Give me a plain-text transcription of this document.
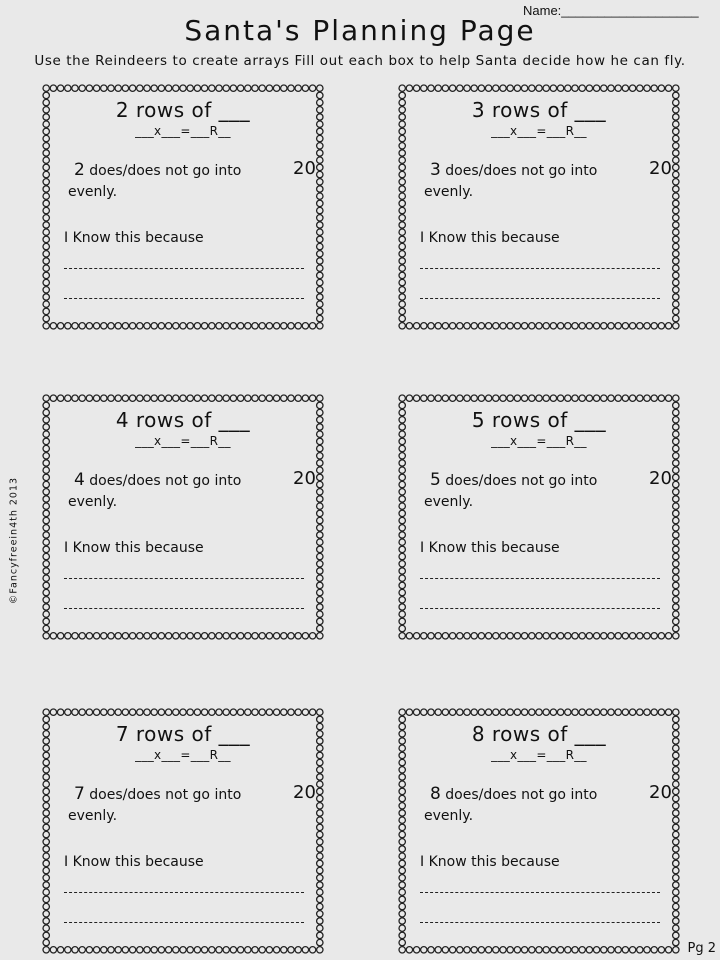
Name:___________________
Santa's Planning Page
Use the Reindeers to create arrays Fill out each box to help Santa decide how he can fly.
©Fancyfreein4th 2013
2 rows of ___
___x___=___R__
2 does/does not go into	20
evenly.
I Know this because
3 rows of ___
___x___=___R__
3 does/does not go into	20
evenly.
I Know this because
4 rows of ___
___x___=___R__
4 does/does not go into	20
evenly.
I Know this because
5 rows of ___
___x___=___R__
5 does/does not go into	20
evenly.
I Know this because
7 rows of ___
___x___=___R__
7 does/does not go into	20
evenly.
I Know this because
8 rows of ___
___x___=___R__
8 does/does not go into	20
evenly.
I Know this because
Pg 2
